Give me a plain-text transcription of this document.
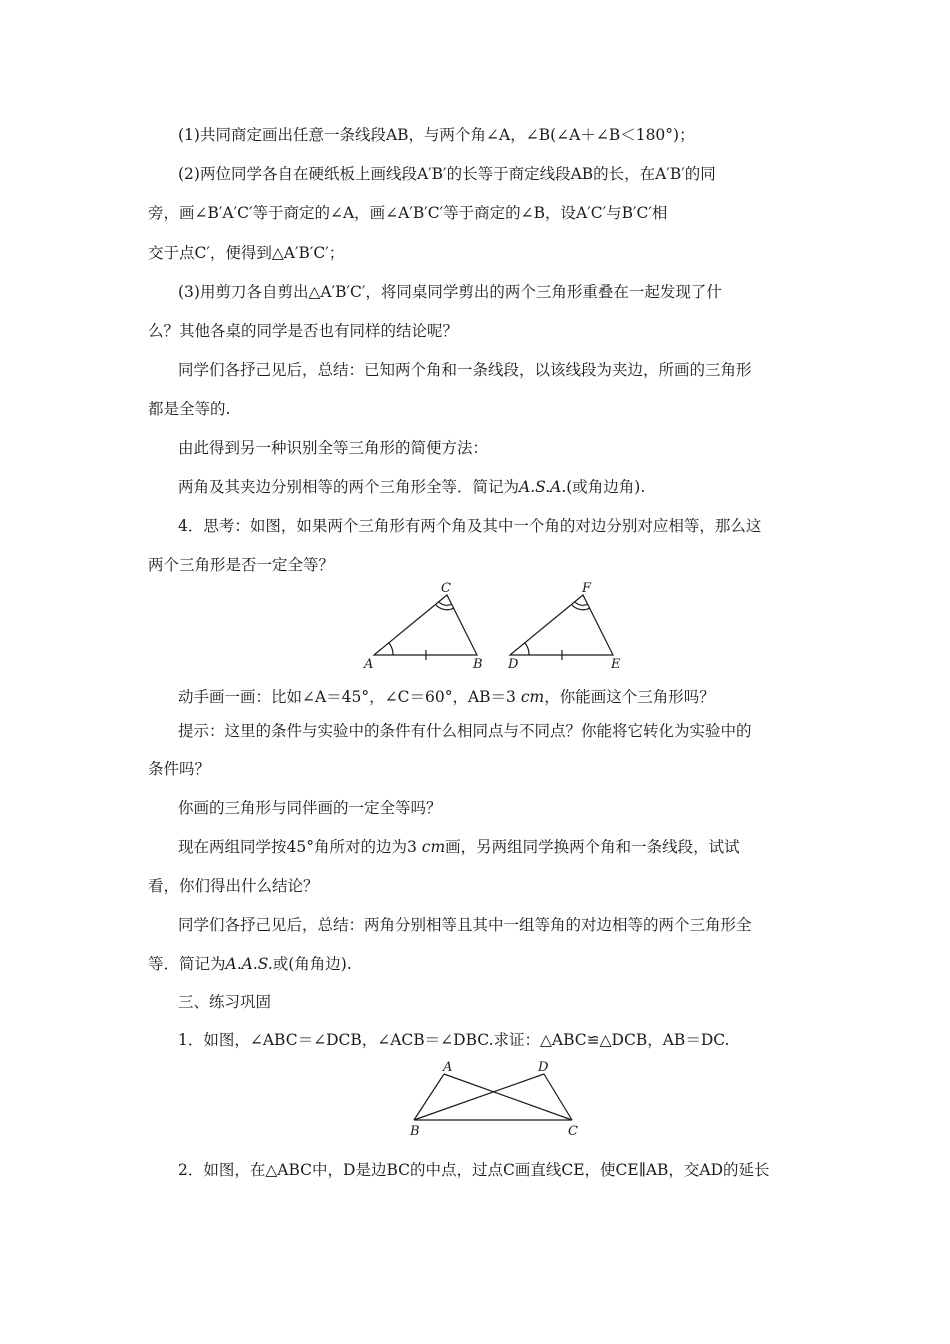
(1)共同商定画出任意一条线段AB，与两个角∠A，∠B(∠A＋∠B＜180°)；
(2)两位同学各自在硬纸板上画线段A′B′的长等于商定线段AB的长，在A′B′的同
旁，画∠B′A′C′等于商定的∠A，画∠A′B′C′等于商定的∠B，设A′C′与B′C′相
交于点C′，便得到△A′B′C′；
(3)用剪刀各自剪出△A′B′C′，将同桌同学剪出的两个三角形重叠在一起发现了什
么？其他各桌的同学是否也有同样的结论呢？
同学们各抒己见后，总结：已知两个角和一条线段，以该线段为夹边，所画的三角形
都是全等的.
由此得到另一种识别全等三角形的简便方法：
两角及其夹边分别相等的两个三角形全等．简记为A.S.A.(或角边角).
4．思考：如图，如果两个三角形有两个角及其中一个角的对边分别对应相等，那么这
两个三角形是否一定全等？
A	B
C
D	E
F
动手画一画：比如∠A＝45°，∠C＝60°，AB＝3 cm，你能画这个三角形吗？
提示：这里的条件与实验中的条件有什么相同点与不同点？你能将它转化为实验中的
条件吗？
你画的三角形与同伴画的一定全等吗？
现在两组同学按45°角所对的边为3 cm画，另两组同学换两个角和一条线段，试试
看，你们得出什么结论？
同学们各抒己见后，总结：两角分别相等且其中一组等角的对边相等的两个三角形全
等．简记为A.A.S.或(角角边).
三、练习巩固
1．如图，∠ABC＝∠DCB，∠ACB＝∠DBC.求证：△ABC≌△DCB，AB＝DC.
A
B	C
D
2．如图，在△ABC中，D是边BC的中点，过点C画直线CE，使CE∥AB，交AD的延长
